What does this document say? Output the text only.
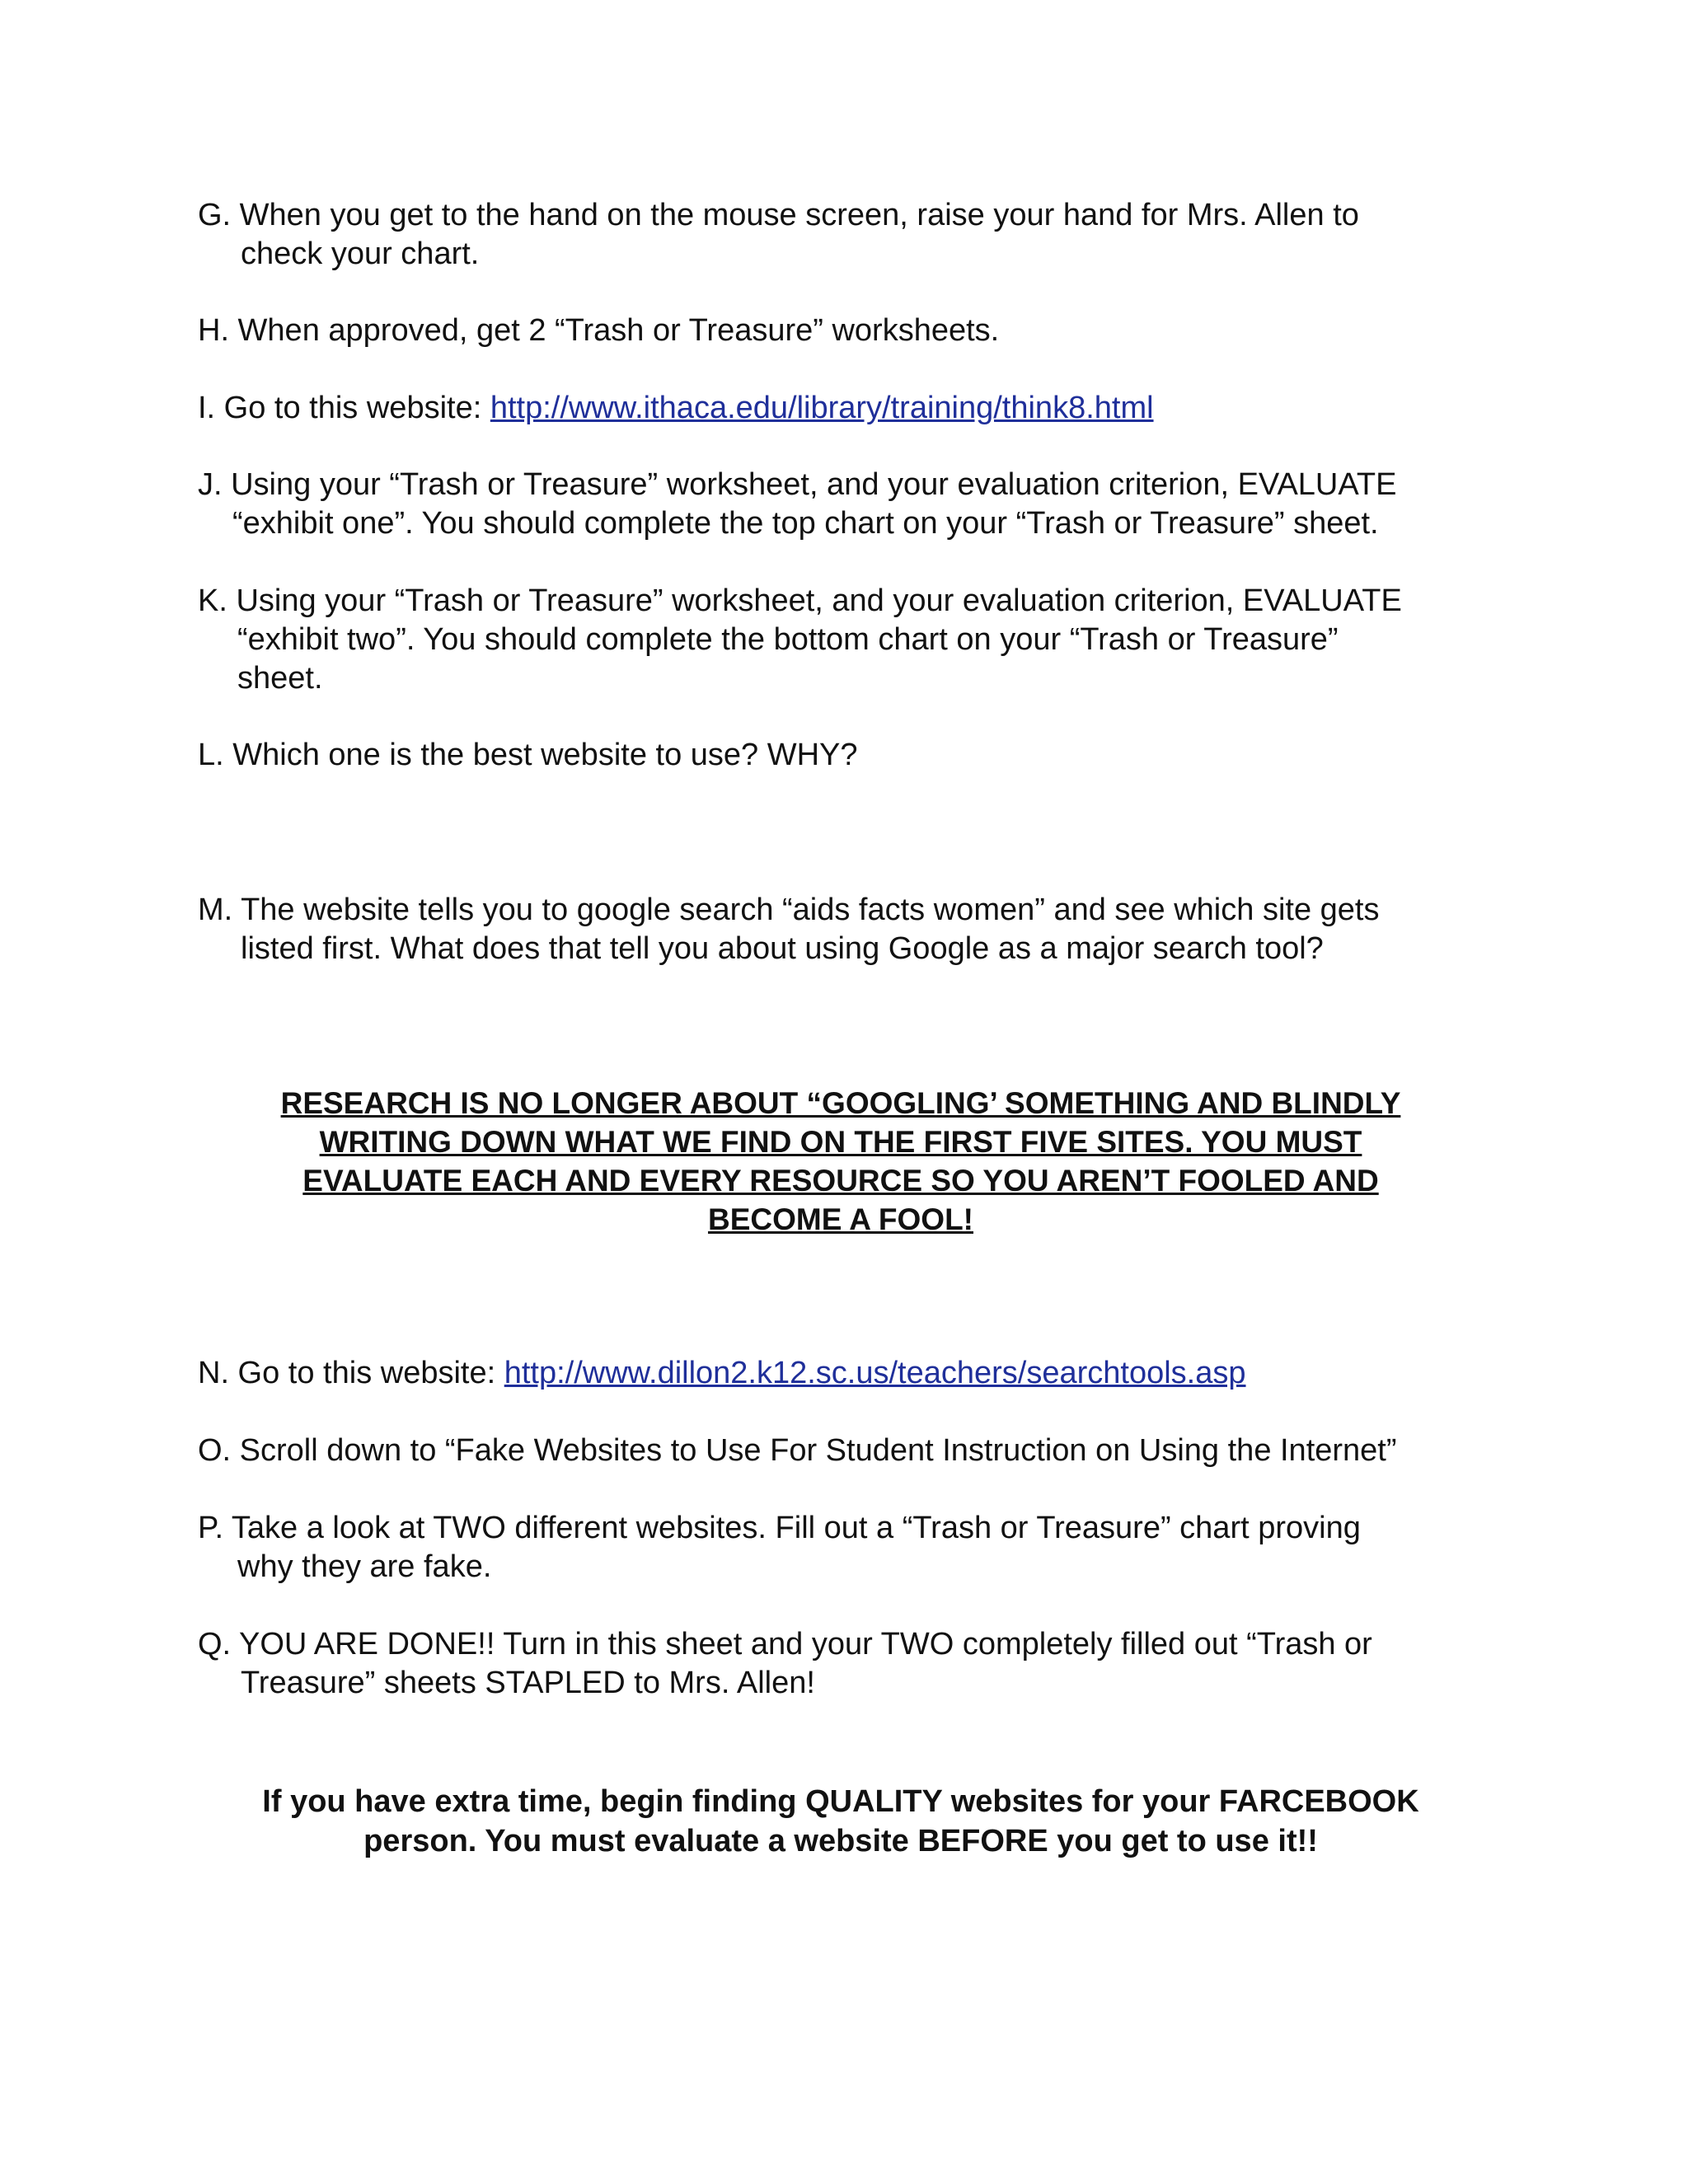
G. When you get to the hand on the mouse screen, raise your hand for Mrs. Allen to
check your chart.

H. When approved, get 2 “Trash or Treasure” worksheets.

I. Go to this website: http://www.ithaca.edu/library/training/think8.html

J. Using your “Trash or Treasure” worksheet, and your evaluation criterion, EVALUATE
“exhibit one”. You should complete the top chart on your “Trash or Treasure” sheet.

K. Using your “Trash or Treasure” worksheet, and your evaluation criterion, EVALUATE
“exhibit two”. You should complete the bottom chart on your “Trash or Treasure”
sheet.

L. Which one is the best website to use? WHY?

M. The website tells you to google search “aids facts women” and see which site gets
listed first. What does that tell you about using Google as a major search tool?

RESEARCH IS NO LONGER ABOUT “GOOGLING’ SOMETHING AND BLINDLY
WRITING DOWN WHAT WE FIND ON THE FIRST FIVE SITES. YOU MUST
EVALUATE EACH AND EVERY RESOURCE SO YOU AREN’T FOOLED AND
BECOME A FOOL!

N. Go to this website: http://www.dillon2.k12.sc.us/teachers/searchtools.asp

O. Scroll down to “Fake Websites to Use For Student Instruction on Using the Internet”

P. Take a look at TWO different websites. Fill out a “Trash or Treasure” chart proving
why they are fake.

Q. YOU ARE DONE!! Turn in this sheet and your TWO completely filled out “Trash or
Treasure” sheets STAPLED to Mrs. Allen!

If you have extra time, begin finding QUALITY websites for your FARCEBOOK
person. You must evaluate a website BEFORE you get to use it!!
